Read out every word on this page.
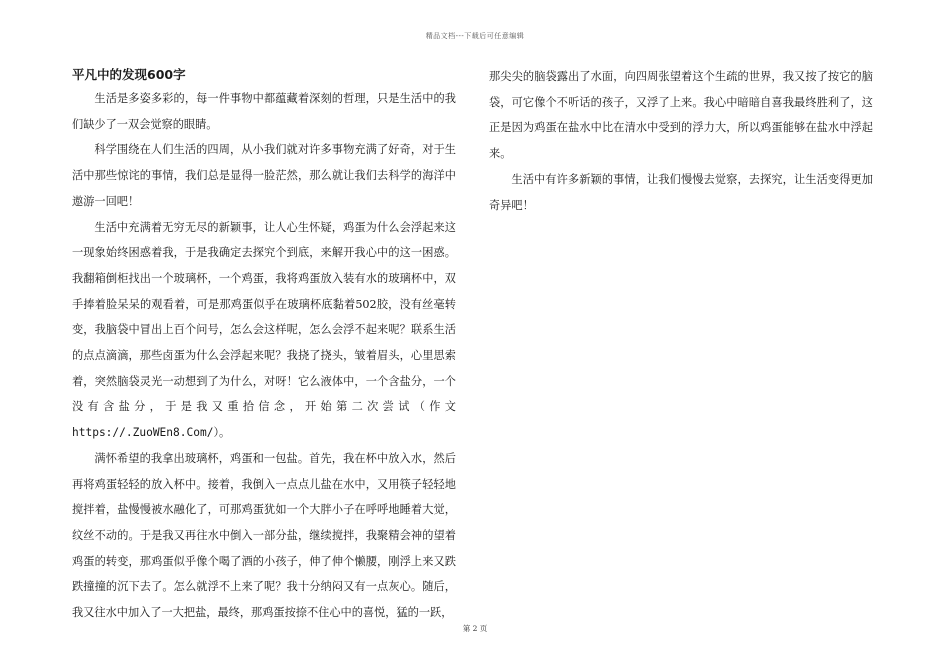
精品文档---下载后可任意编辑
平凡中的发现600字

生活是多姿多彩的，每一件事物中都蕴藏着深刻的哲理，只是生活中的我们缺少了一双会觉察的眼睛。

科学围绕在人们生活的四周，从小我们就对许多事物充满了好奇，对于生活中那些惊诧的事情，我们总是显得一脸茫然，那么就让我们去科学的海洋中遨游一回吧！

生活中充满着无穷无尽的新颖事，让人心生怀疑，鸡蛋为什么会浮起来这一现象始终困惑着我，于是我确定去探究个到底，来解开我心中的这一困惑。我翻箱倒柜找出一个玻璃杯，一个鸡蛋，我将鸡蛋放入装有水的玻璃杯中，双手捧着脸呆呆的观看着，可是那鸡蛋似乎在玻璃杯底黏着502胶，没有丝毫转变，我脑袋中冒出上百个问号，怎么会这样呢，怎么会浮不起来呢？联系生活的点点滴滴，那些卤蛋为什么会浮起来呢？我挠了挠头，皱着眉头，心里思索着，突然脑袋灵光一动想到了为什么，对呀！它么液体中，一个含盐分，一个没有含盐分，于是我又重拾信念，开始第二次尝试（作文https://.ZuoWEn8.Com/）。

满怀希望的我拿出玻璃杯，鸡蛋和一包盐。首先，我在杯中放入水，然后再将鸡蛋轻轻的放入杯中。接着，我倒入一点点儿盐在水中，又用筷子轻轻地搅拌着，盐慢慢被水融化了，可那鸡蛋犹如一个大胖小子在呼呼地睡着大觉，纹丝不动的。于是我又再往水中倒入一部分盐，继续搅拌，我聚精会神的望着鸡蛋的转变，那鸡蛋似乎像个喝了酒的小孩子，伸了伸个懒腰，刚浮上来又跌跌撞撞的沉下去了。怎么就浮不上来了呢？我十分纳闷又有一点灰心。随后，我又往水中加入了一大把盐，最终，那鸡蛋按捺不住心中的喜悦，猛的一跃，

那尖尖的脑袋露出了水面，向四周张望着这个生疏的世界，我又按了按它的脑袋，可它像个不听话的孩子，又浮了上来。我心中暗暗自喜我最终胜利了，这正是因为鸡蛋在盐水中比在清水中受到的浮力大，所以鸡蛋能够在盐水中浮起来。

生活中有许多新颖的事情，让我们慢慢去觉察，去探究，让生活变得更加奇异吧！

第 2 页
